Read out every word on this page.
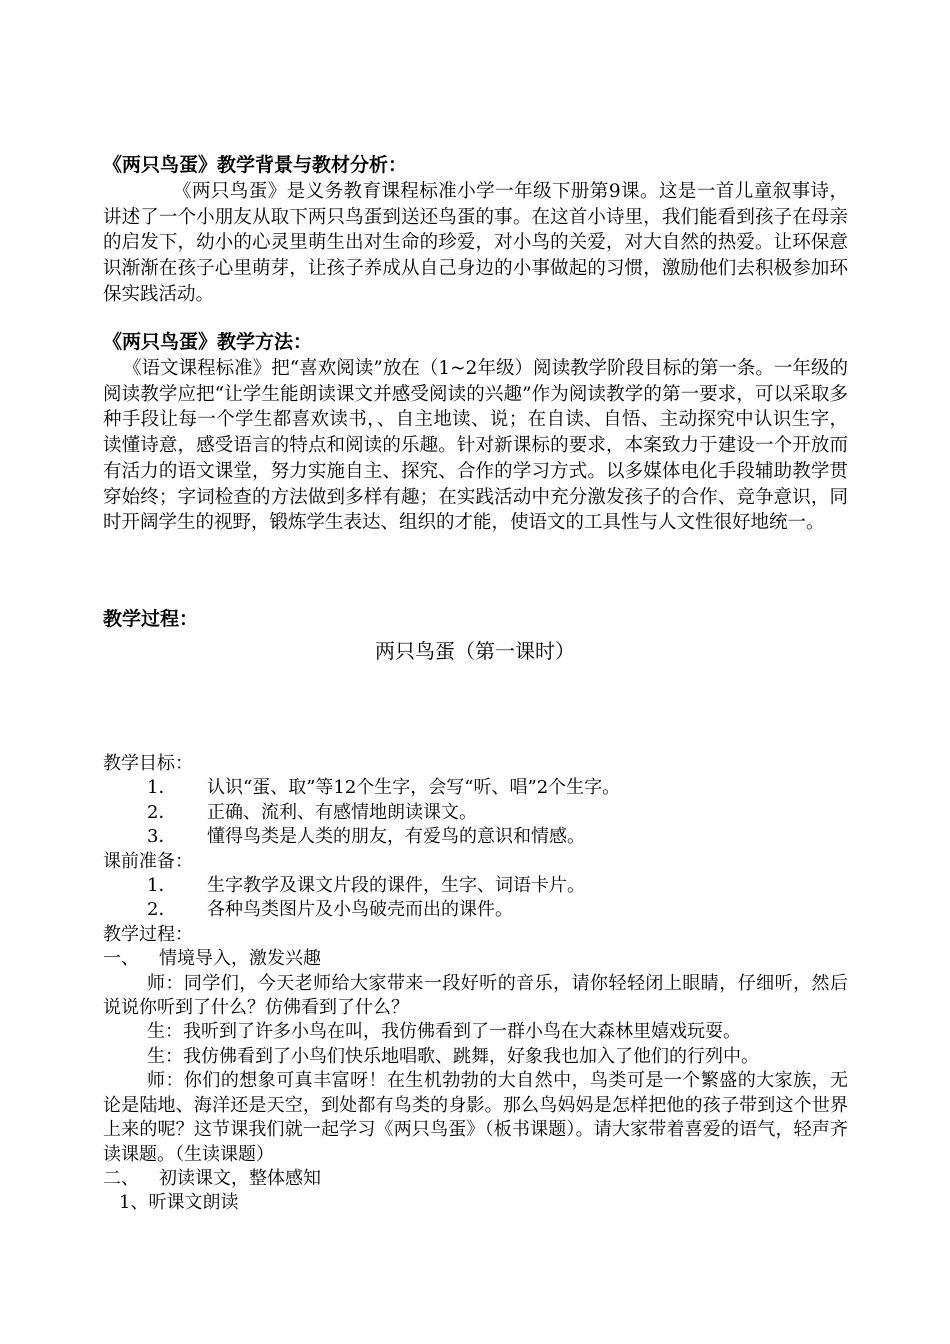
《两只鸟蛋》教学背景与教材分析：
《两只鸟蛋》是义务教育课程标准小学一年级下册第9课。这是一首儿童叙事诗，讲述了一个小朋友从取下两只鸟蛋到送还鸟蛋的事。在这首小诗里，我们能看到孩子在母亲的启发下，幼小的心灵里萌生出对生命的珍爱，对小鸟的关爱，对大自然的热爱。让环保意识渐渐在孩子心里萌芽，让孩子养成从自己身边的小事做起的习惯，激励他们去积极参加环保实践活动。
《两只鸟蛋》教学方法：
《语文课程标准》把“喜欢阅读”放在（1~2年级）阅读教学阶段目标的第一条。一年级的阅读教学应把“让学生能朗读课文并感受阅读的兴趣”作为阅读教学的第一要求，可以采取多种手段让每一个学生都喜欢读书，、自主地读、说；在自读、自悟、主动探究中认识生字，读懂诗意，感受语言的特点和阅读的乐趣。针对新课标的要求，本案致力于建设一个开放而有活力的语文课堂，努力实施自主、探究、合作的学习方式。以多媒体电化手段辅助教学贯穿始终；字词检查的方法做到多样有趣；在实践活动中充分激发孩子的合作、竞争意识，同时开阔学生的视野，锻炼学生表达、组织的才能，使语文的工具性与人文性很好地统一。
教学过程：
两只鸟蛋（第一课时）
教学目标：
1． 认识“蛋、取”等12个生字，会写“听、唱”2个生字。
2． 正确、流利、有感情地朗读课文。
3． 懂得鸟类是人类的朋友，有爱鸟的意识和情感。
课前准备：
1． 生字教学及课文片段的课件，生字、词语卡片。
2． 各种鸟类图片及小鸟破壳而出的课件。
教学过程：
一、 情境导入，激发兴趣
师：同学们，今天老师给大家带来一段好听的音乐，请你轻轻闭上眼睛，仔细听，然后说说你听到了什么？仿佛看到了什么？
生：我听到了许多小鸟在叫，我仿佛看到了一群小鸟在大森林里嬉戏玩耍。
生：我仿佛看到了小鸟们快乐地唱歌、跳舞，好象我也加入了他们的行列中。
师：你们的想象可真丰富呀！在生机勃勃的大自然中，鸟类可是一个繁盛的大家族，无论是陆地、海洋还是天空，到处都有鸟类的身影。那么鸟妈妈是怎样把他的孩子带到这个世界上来的呢？这节课我们就一起学习《两只鸟蛋》（板书课题）。请大家带着喜爱的语气，轻声齐读课题。（生读课题）
二、 初读课文，整体感知
1、听课文朗读
